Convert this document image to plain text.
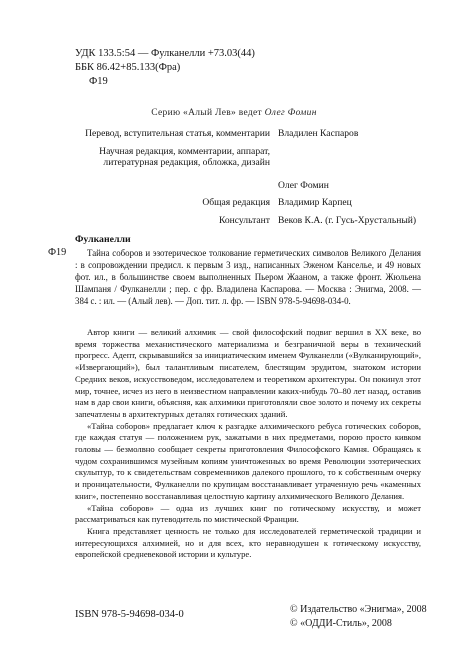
УДК 133.5:54 — Фулканелли +73.03(44)
ББК 86.42+85.133(Фра)
Ф19
Серию «Алый Лев» ведет Олег Фомин
Перевод, вступительная статья, комментарии Владилен Каспаров
Научная редакция, комментарии, аппарат, литературная редакция, обложка, дизайн
Олег Фомин
Общая редакция Владимир Карпец
Консультант Веков К.А. (г. Гусь-Хрустальный)
Фулканелли
Ф19	Тайна соборов и эзотерическое толкование герметических символов Великого Делания : в сопровождении предисл. к первым 3 изд., написанных Эженом Канселье, и 49 новых фот. ил., в большинстве своем выполненных Пьером Жааном, а также фронт. Жюльена Шампаня / Фулканелли ; пер. с фр. Владилена Каспарова. — Москва : Энигма, 2008. — 384 с. : ил. — (Алый лев). — Доп. тит. л. фр. — ISBN 978-5-94698-034-0.

Автор книги — великий алхимик — свой философский подвиг вершил в XX веке, во время торжества механистического материализма и безграничной веры в технический прогресс. Адепт, скрывавшийся за инициатическим именем Фулканелли («Вулканирующий», «Извергающий»), был талантливым писателем, блестящим эрудитом, знатоком истории Средних веков, искусствоведом, исследователем и теоретиком архитектуры. Он покинул этот мир, точнее, исчез из него в неизвестном направлении каких-нибудь 70–80 лет назад, оставив нам в дар свои книги, объясняя, как алхимики приготовляли свое золото и почему их секреты запечатлены в архитектурных деталях готических зданий.

«Тайна соборов» предлагает ключ к разгадке алхимического ребуса готических соборов, где каждая статуя — положением рук, зажатыми в них предметами, порою просто кивком головы — безмолвно сообщает секреты приготовления Философского Камня. Обращаясь к чудом сохранившимся музейным копиям уничтоженных во время Революции эзотерических скульптур, то к свидетельствам современников далекого прошлого, то к собственным очерку и проницательности, Фулканелли по крупицам восстанавливает утраченную речь «каменных книг», постепенно восстанавливая целостную картину алхимического Великого Делания.

«Тайна соборов» — одна из лучших книг по готическому искусству, и может рассматриваться как путеводитель по мистической Франции.

Книга представляет ценность не только для исследователей герметической традиции и интересующихся алхимией, но и для всех, кто неравнодушен к готическому искусству, европейской средневековой истории и культуре.

ISBN 978-5-94698-034-0	© Издательство «Энигма», 2008
© «ОДДИ-Стиль», 2008
